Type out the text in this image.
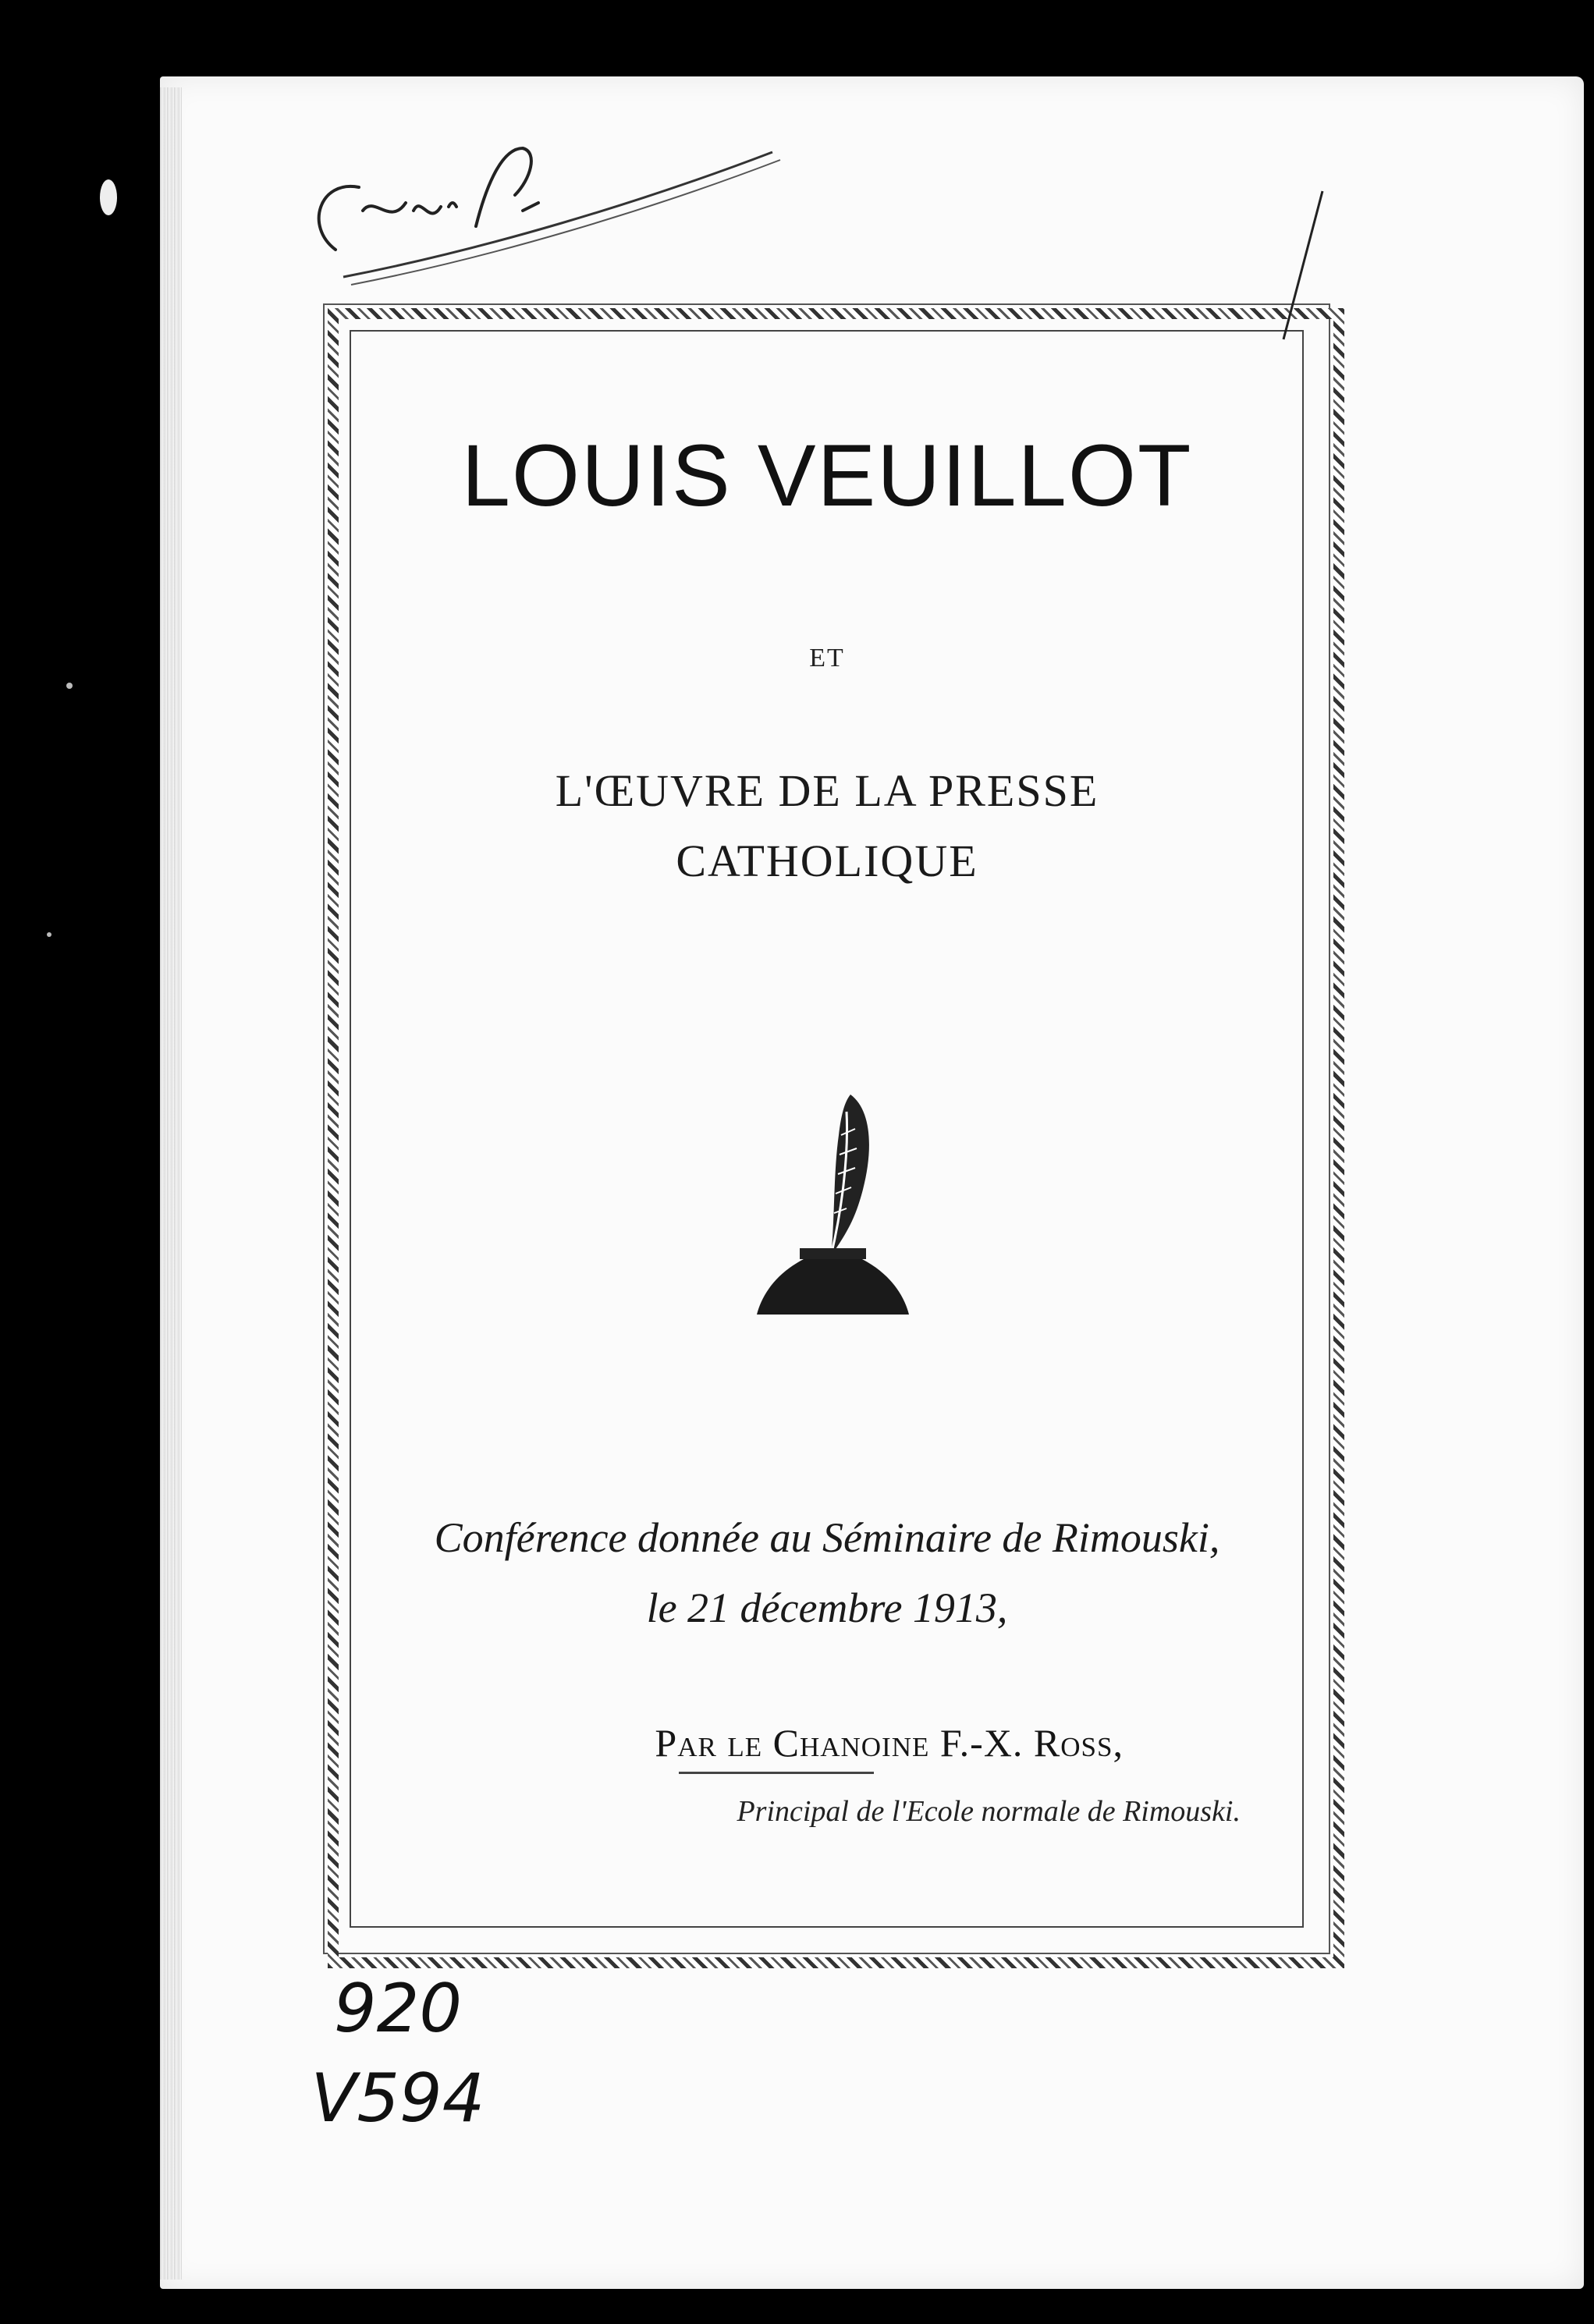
Cr.v.
LOUIS VEUILLOT
ET
L'ŒUVRE DE LA PRESSE
CATHOLIQUE
Conférence donnée au Séminaire de Rimouski,
le 21 décembre 1913,
Par le Chanoine F.-X. Ross,
Principal de l'Ecole normale de Rimouski.
920
V594
